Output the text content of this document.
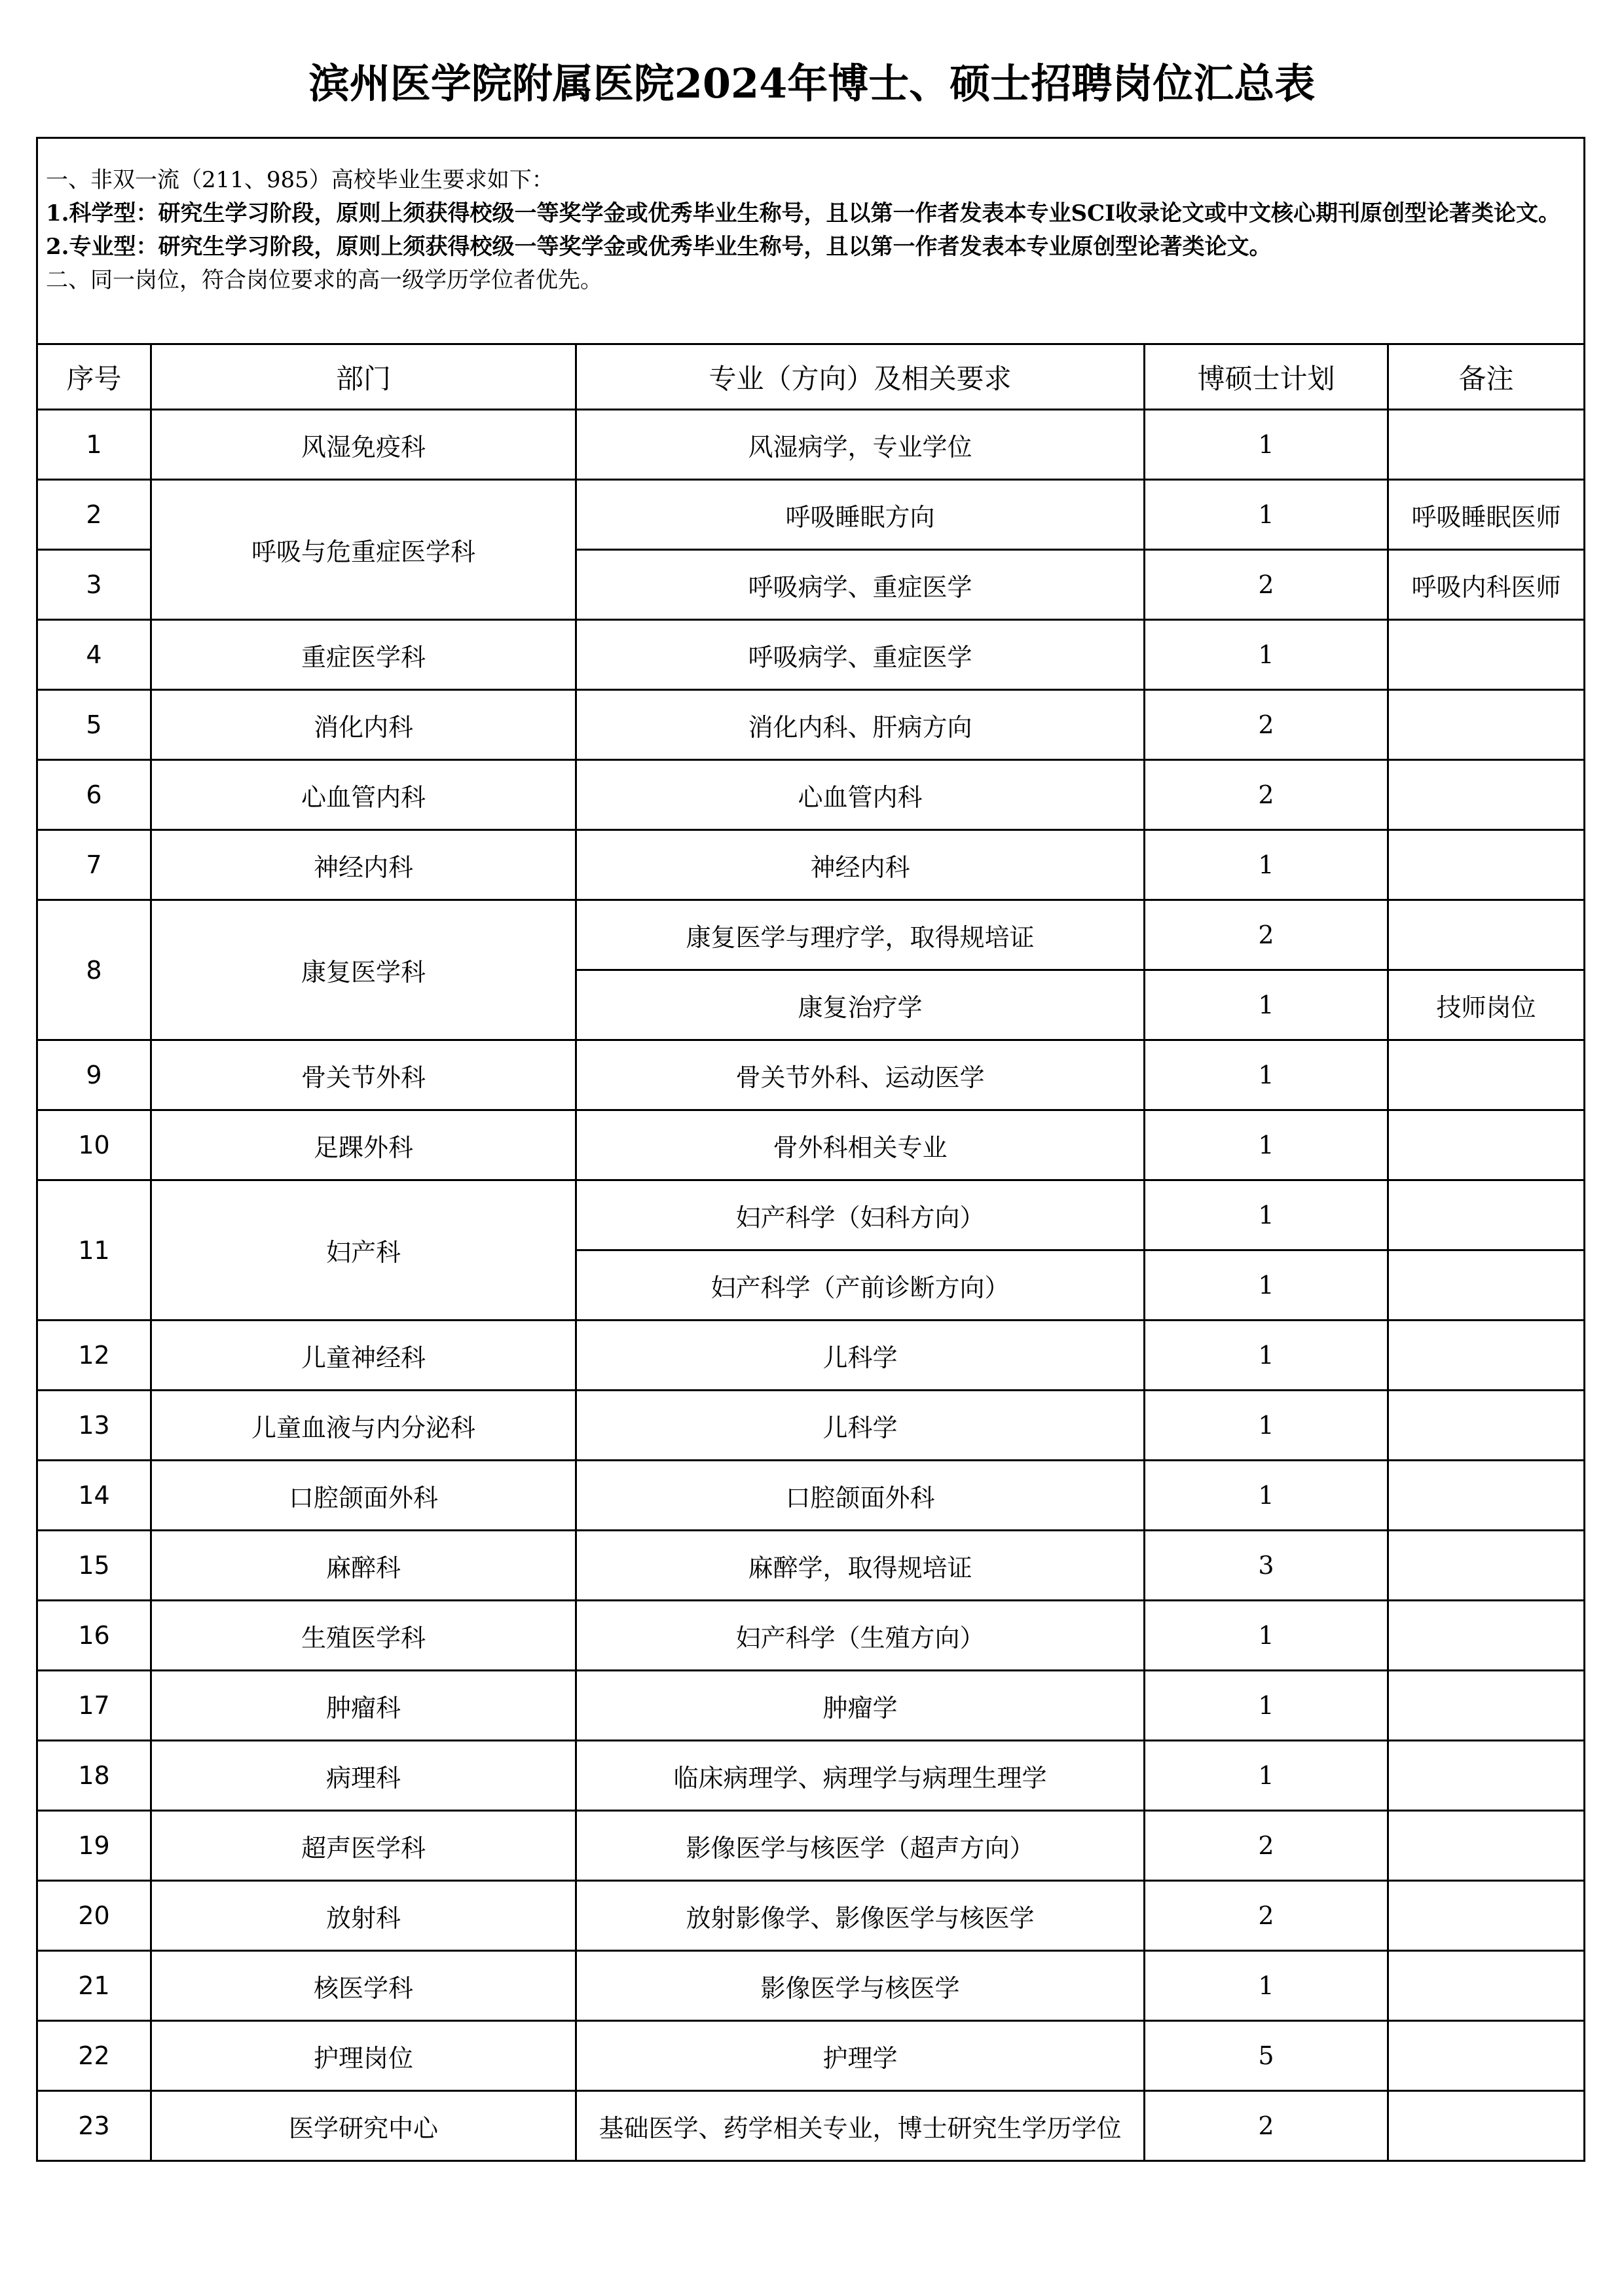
滨州医学院附属医院2024年博士、硕士招聘岗位汇总表
一、非双一流（211、985）高校毕业生要求如下：
1.科学型：研究生学习阶段，原则上须获得校级一等奖学金或优秀毕业生称号，且以第一作者发表本专业SCI收录论文或中文核心期刊原创型论著类论文。
2.专业型：研究生学习阶段，原则上须获得校级一等奖学金或优秀毕业生称号，且以第一作者发表本专业原创型论著类论文。
二、同一岗位，符合岗位要求的高一级学历学位者优先。				

序号	部门	专业（方向）及相关要求	博硕士计划	备注
1	风湿免疫科	风湿病学，专业学位	1	
2	呼吸与危重症医学科	呼吸睡眠方向	1	呼吸睡眠医师
3		呼吸病学、重症医学	2	呼吸内科医师
4	重症医学科	呼吸病学、重症医学	1	
5	消化内科	消化内科、肝病方向	2	
6	心血管内科	心血管内科	2	
7	神经内科	神经内科	1	
8	康复医学科	康复医学与理疗学，取得规培证	2	
		康复治疗学	1	技师岗位
9	骨关节外科	骨关节外科、运动医学	1	
10	足踝外科	骨外科相关专业	1	
11	妇产科	妇产科学（妇科方向）	1	
		妇产科学（产前诊断方向）	1	
12	儿童神经科	儿科学	1	
13	儿童血液与内分泌科	儿科学	1	
14	口腔颌面外科	口腔颌面外科	1	
15	麻醉科	麻醉学，取得规培证	3	
16	生殖医学科	妇产科学（生殖方向）	1	
17	肿瘤科	肿瘤学	1	
18	病理科	临床病理学、病理学与病理生理学	1	
19	超声医学科	影像医学与核医学（超声方向）	2	
20	放射科	放射影像学、影像医学与核医学	2	
21	核医学科	影像医学与核医学	1	
22	护理岗位	护理学	5	
23	医学研究中心	基础医学、药学相关专业，博士研究生学历学位	2	
